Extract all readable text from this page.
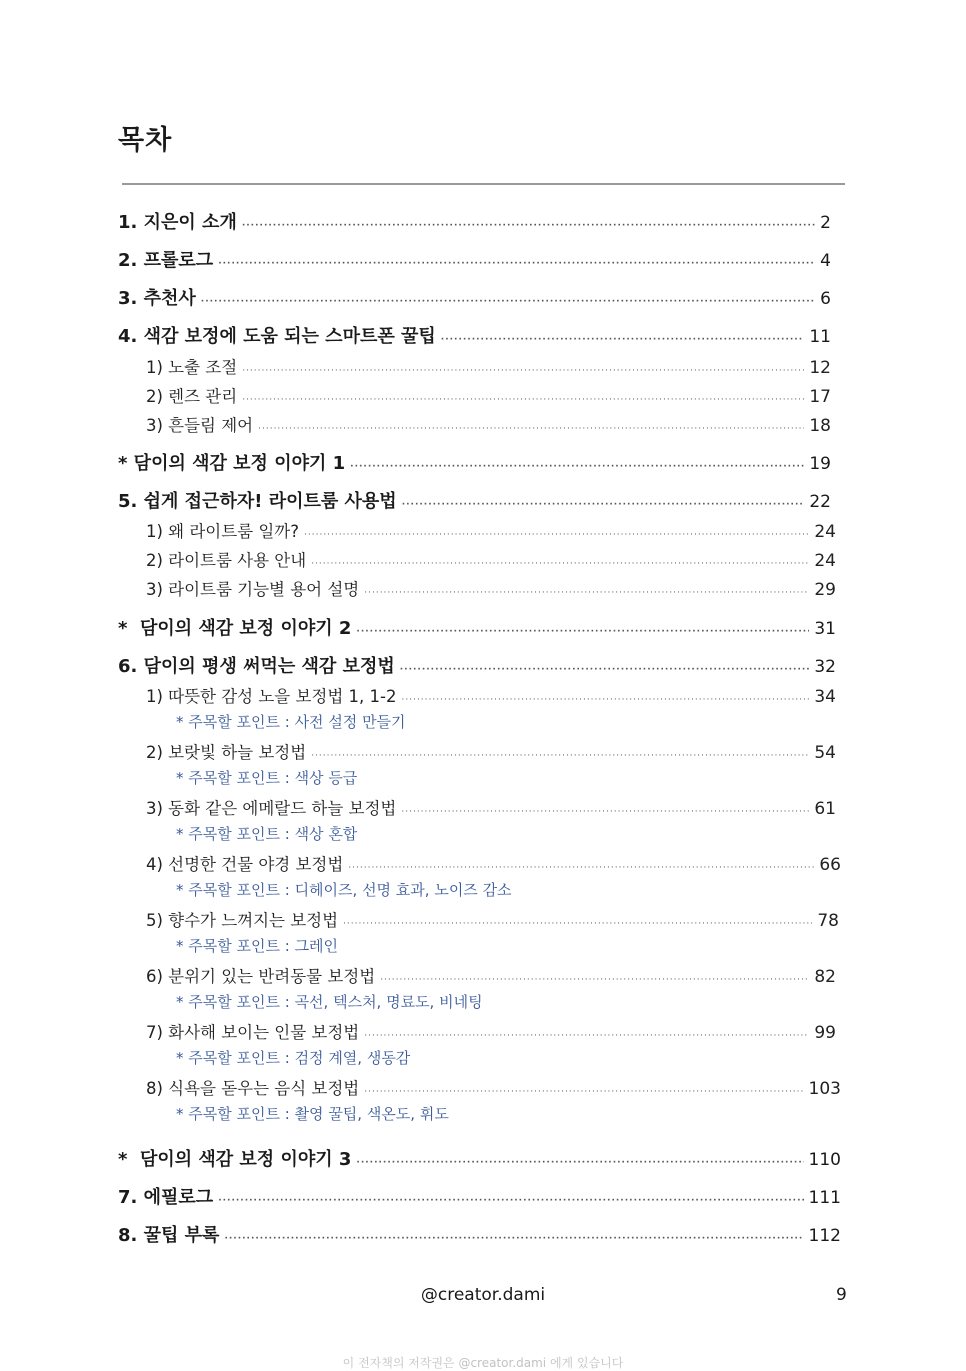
목차
1. 지은이 소개 ·····	2
2. 프롤로그 ·····	4
3. 추천사 ·····	6
4. 색감 보정에 도움 되는 스마트폰 꿀팁 ·····	11
1) 노출 조절 ·····	12
2) 렌즈 관리 ·····	17
3) 흔들림 제어 ·····	18
* 담이의 색감 보정 이야기 1 ·····	19
5. 쉽게 접근하자! 라이트룸 사용법 ·····	22
1) 왜 라이트룸 일까? ·····	24
2) 라이트룸 사용 안내 ·····	24
3) 라이트룸 기능별 용어 설명 ·····	29
*  담이의 색감 보정 이야기 2 ·····	31
6. 담이의 평생 써먹는 색감 보정법 ·····	32
1) 따뜻한 감성 노을 보정법 1, 1-2 ·····	34
* 주목할 포인트 : 사전 설정 만들기
2) 보랏빛 하늘 보정법 ·····	54
* 주목할 포인트 : 색상 등급
3) 동화 같은 에메랄드 하늘 보정법 ·····	61
* 주목할 포인트 : 색상 혼합
4) 선명한 건물 야경 보정법 ·····	66
* 주목할 포인트 : 디헤이즈, 선명 효과, 노이즈 감소
5) 향수가 느껴지는 보정법 ·····	78
* 주목할 포인트 : 그레인
6) 분위기 있는 반려동물 보정법 ·····	82
* 주목할 포인트 : 곡선, 텍스처, 명료도, 비네팅
7) 화사해 보이는 인물 보정법 ·····	99
* 주목할 포인트 : 검정 계열, 생동감
8) 식욕을 돋우는 음식 보정법 ·····	103
* 주목할 포인트 : 촬영 꿀팁, 색온도, 휘도
*  담이의 색감 보정 이야기 3 ·····	110
7. 에필로그 ·····	111
8. 꿀팁 부록 ·····	112
@creator.dami	9
이 전자책의 저작권은 @creator.dami 에게 있습니다
